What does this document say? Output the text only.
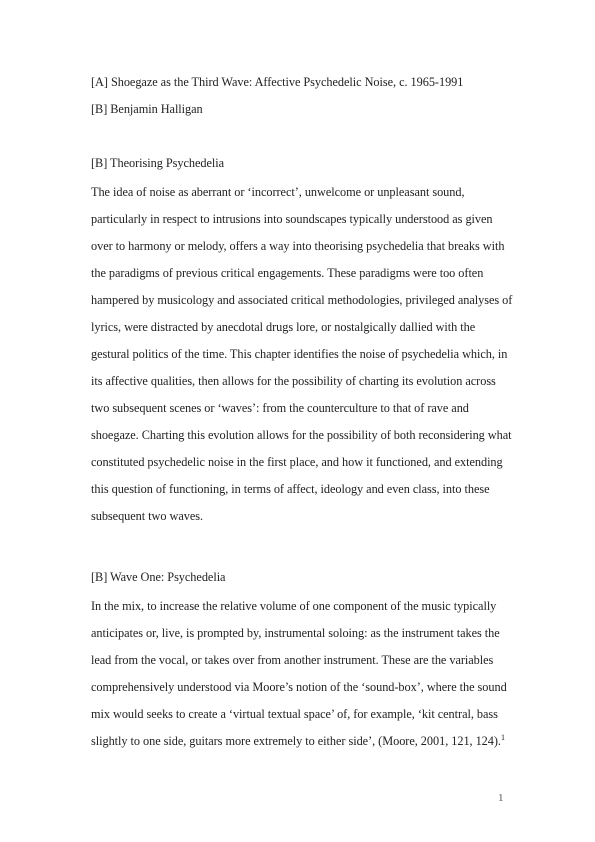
[A] Shoegaze as the Third Wave: Affective Psychedelic Noise, c. 1965-1991

[B] Benjamin Halligan

[B] Theorising Psychedelia

The idea of noise as aberrant or ‘incorrect’, unwelcome or unpleasant sound,

particularly in respect to intrusions into soundscapes typically understood as given

over to harmony or melody, offers a way into theorising psychedelia that breaks with

the paradigms of previous critical engagements. These paradigms were too often

hampered by musicology and associated critical methodologies, privileged analyses of

lyrics, were distracted by anecdotal drugs lore, or nostalgically dallied with the

gestural politics of the time. This chapter identifies the noise of psychedelia which, in

its affective qualities, then allows for the possibility of charting its evolution across

two subsequent scenes or ‘waves’: from the counterculture to that of rave and

shoegaze. Charting this evolution allows for the possibility of both reconsidering what

constituted psychedelic noise in the first place, and how it functioned, and extending

this question of functioning, in terms of affect, ideology and even class, into these

subsequent two waves.

[B] Wave One: Psychedelia

In the mix, to increase the relative volume of one component of the music typically

anticipates or, live, is prompted by, instrumental soloing: as the instrument takes the

lead from the vocal, or takes over from another instrument. These are the variables

comprehensively understood via Moore’s notion of the ‘sound-box’, where the sound

mix would seeks to create a ‘virtual textual space’ of, for example, ‘kit central, bass

slightly to one side, guitars more extremely to either side’, (Moore, 2001, 121, 124).$^1$

1
